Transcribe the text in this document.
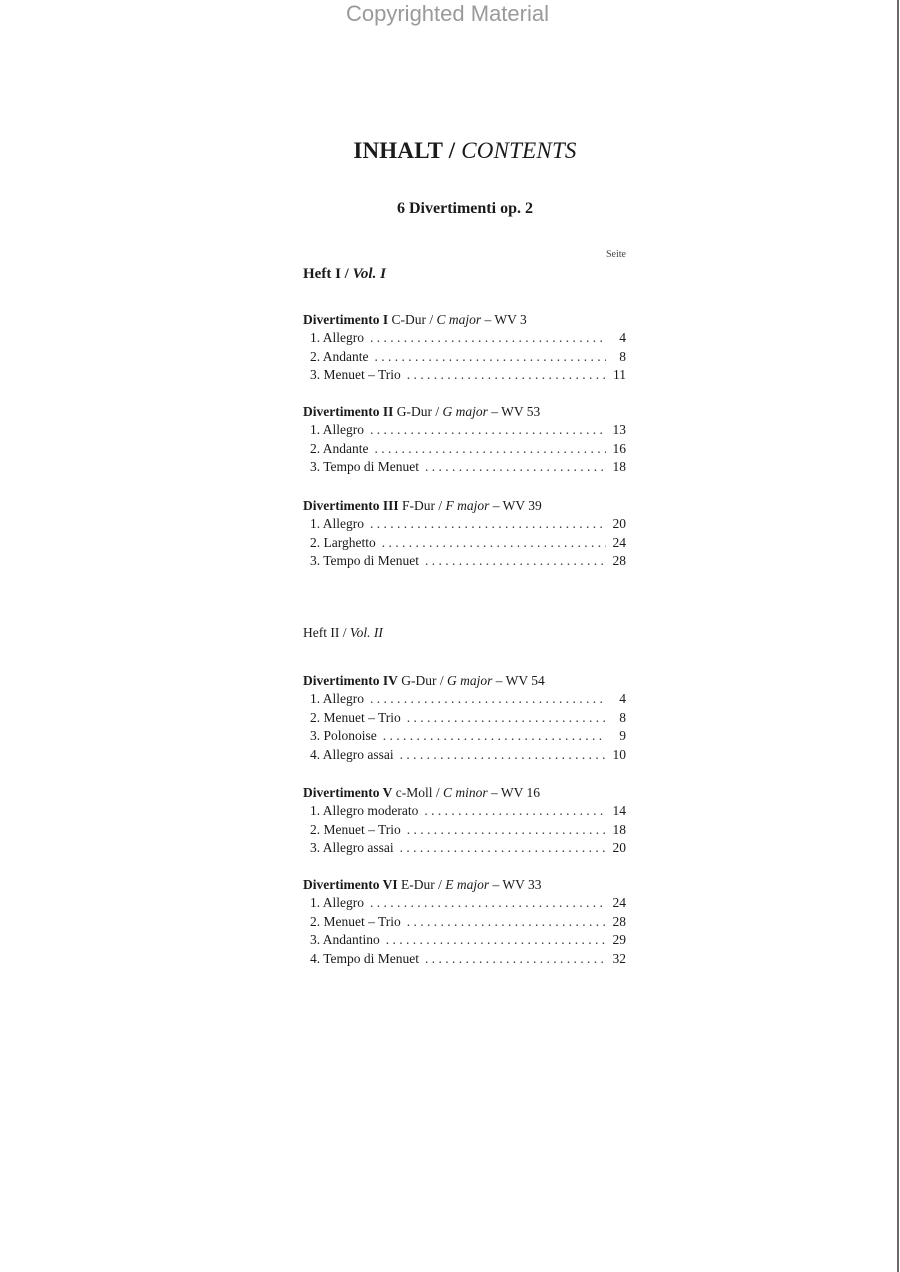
Copyrighted Material
INHALT / CONTENTS
6 Divertimenti op. 2
Seite
Heft I / Vol. I
Heft II / Vol. II
Divertimento I C-Dur / C major – WV 3
1. Allegro . . .	4
2. Andante . . .	8
3. Menuet – Trio . . .	11
Divertimento II G-Dur / G major – WV 53
1. Allegro . . .	13
2. Andante . . .	16
3. Tempo di Menuet . . .	18
Divertimento III F-Dur / F major – WV 39
1. Allegro . . .	20
2. Larghetto . . .	24
3. Tempo di Menuet . . .	28
Divertimento IV G-Dur / G major – WV 54
1. Allegro . . .	4
2. Menuet – Trio . . .	8
3. Polonoise . . .	9
4. Allegro assai . . .	10
Divertimento V c-Moll / C minor – WV 16
1. Allegro moderato . . .	14
2. Menuet – Trio . . .	18
3. Allegro assai . . .	20
Divertimento VI E-Dur / E major – WV 33
1. Allegro . . .	24
2. Menuet – Trio . . .	28
3. Andantino . . .	29
4. Tempo di Menuet . . .	32
